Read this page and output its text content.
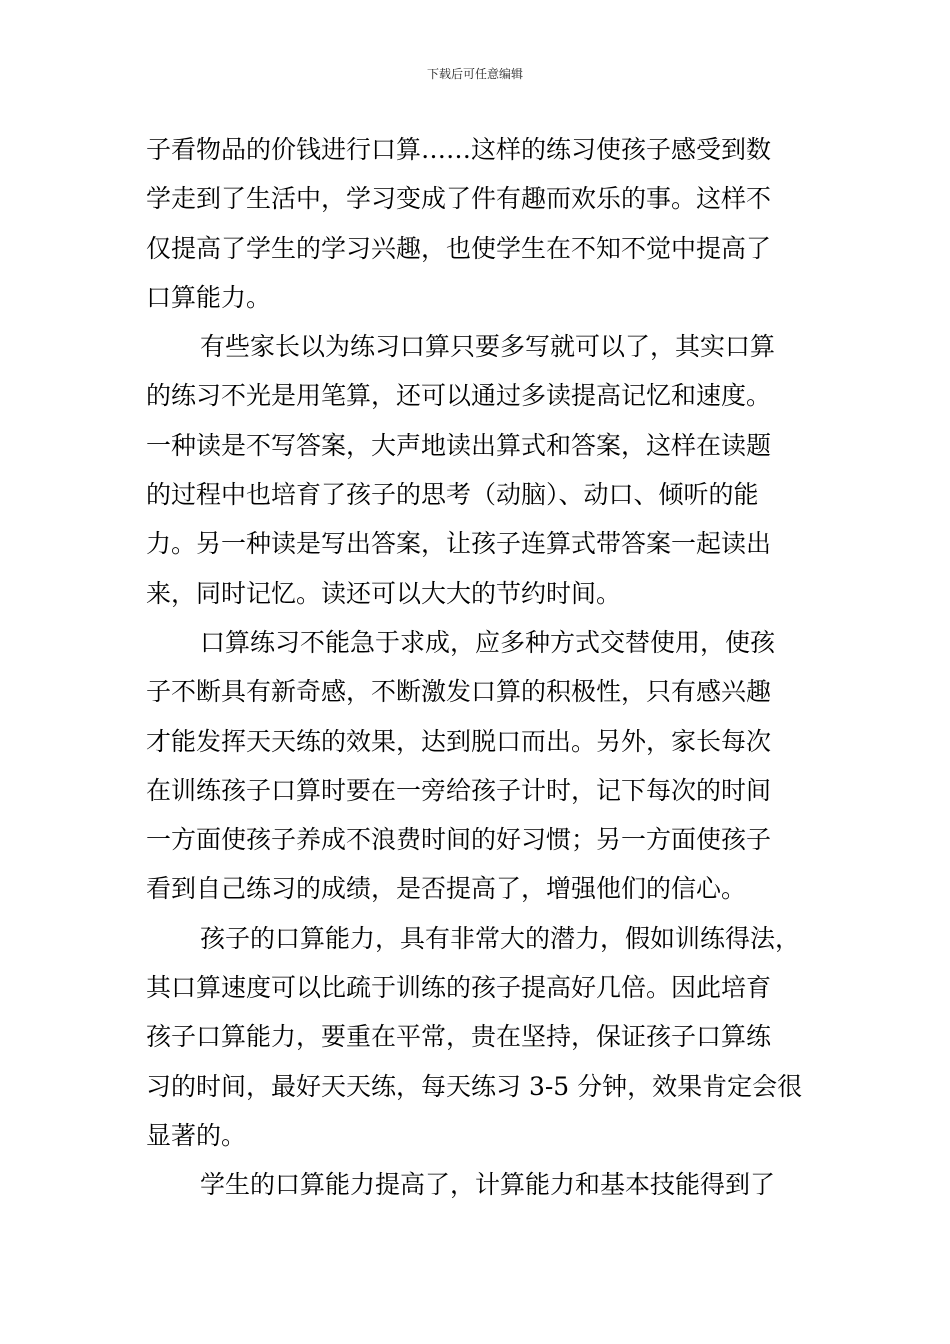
下载后可任意编辑
子看物品的价钱进行口算……这样的练习使孩子感受到数
学走到了生活中，学习变成了件有趣而欢乐的事。这样不
仅提高了学生的学习兴趣，也使学生在不知不觉中提高了
口算能力。
有些家长以为练习口算只要多写就可以了，其实口算
的练习不光是用笔算，还可以通过多读提高记忆和速度。
一种读是不写答案，大声地读出算式和答案，这样在读题
的过程中也培育了孩子的思考（动脑）、动口、倾听的能
力。另一种读是写出答案，让孩子连算式带答案一起读出
来，同时记忆。读还可以大大的节约时间。
口算练习不能急于求成，应多种方式交替使用，使孩
子不断具有新奇感，不断激发口算的积极性，只有感兴趣
才能发挥天天练的效果，达到脱口而出。另外，家长每次
在训练孩子口算时要在一旁给孩子计时，记下每次的时间
一方面使孩子养成不浪费时间的好习惯；另一方面使孩子
看到自己练习的成绩，是否提高了，增强他们的信心。
孩子的口算能力，具有非常大的潜力，假如训练得法，
其口算速度可以比疏于训练的孩子提高好几倍。因此培育
孩子口算能力，要重在平常，贵在坚持，保证孩子口算练
习的时间，最好天天练，每天练习 3-5 分钟，效果肯定会很
显著的。
学生的口算能力提高了，计算能力和基本技能得到了
